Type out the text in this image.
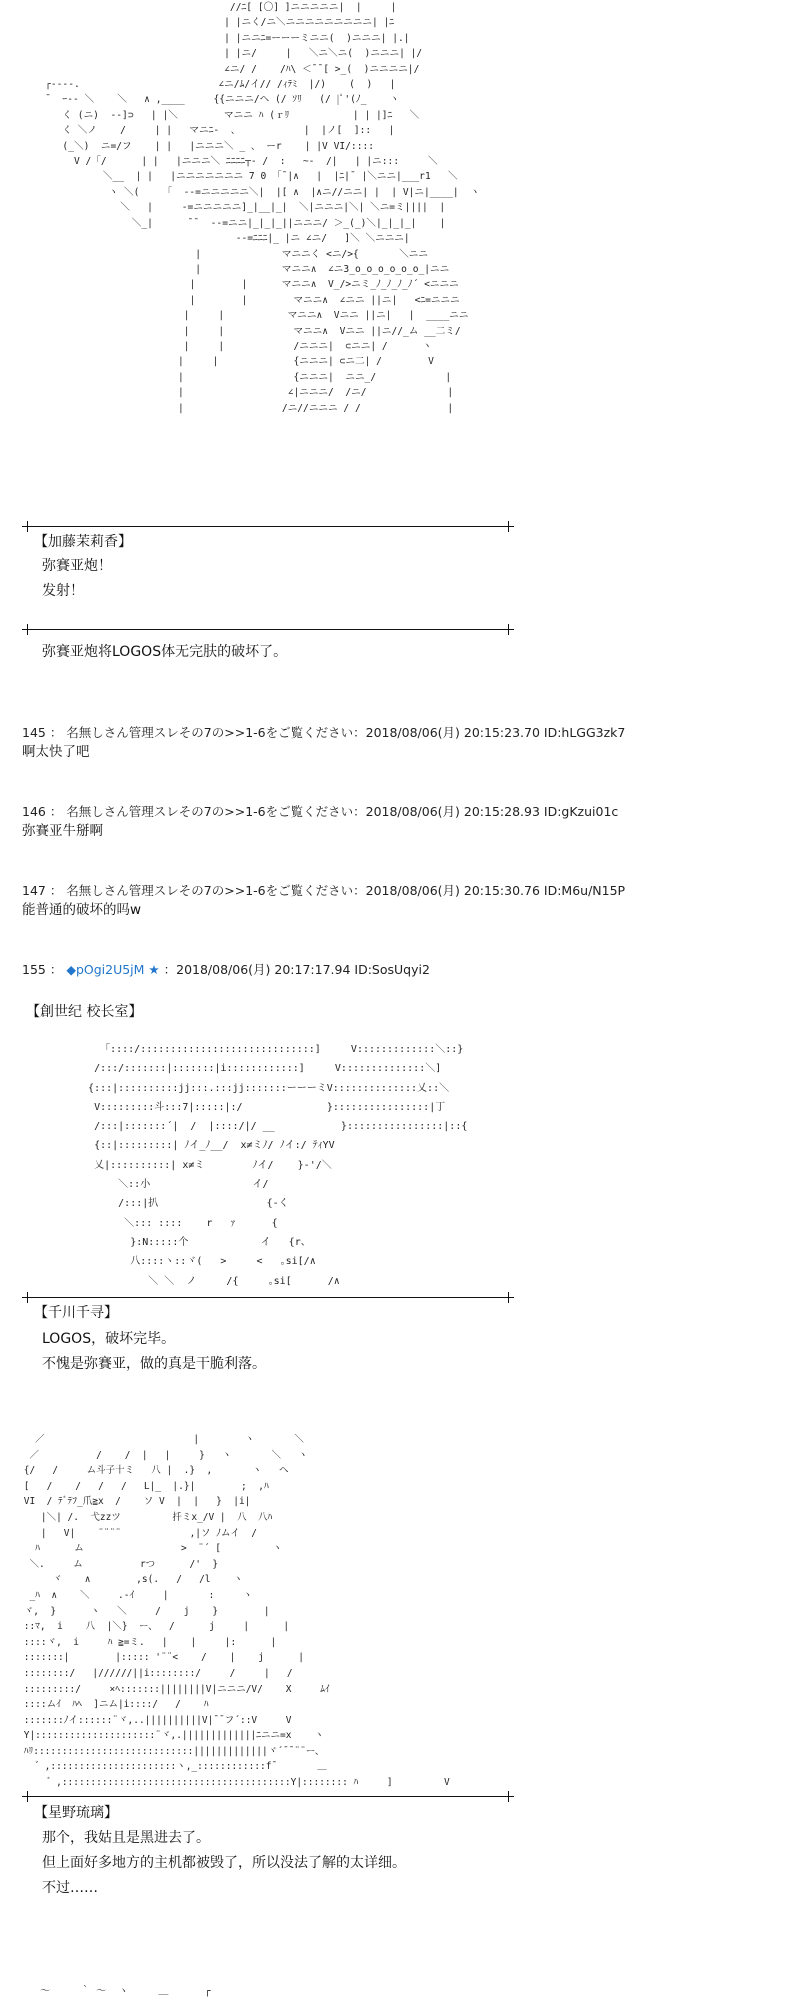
//ﾆ[ [〇] ]ニニニニニ|  |     |
| |ニく/ニ＼ニニニニニニニニニ| |ﾆ
| |ニニﾆ=ーーーミニニ(  )ニニニ| |.|
| |ニ/     |   ＼ニ＼ニ(  )ニニニ| |/
∠ニ/ /    /ﾊ\ ＜¯¯[ >_(  )ニニニニ|/
┌‐---.                        ∠ニ/ﾑ/イ// /ｨﾃﾐ  |/)    (  )   |
¯  ｰ-- ＼    ＼   ∧ ,____     {{ニニニ/ヘ (/ ｿﾘ   (/ |ﾟ'(ﾉ_    ヽ
く (ニ)  -‐]⊃   | |＼        マニニ ﾊ (ｒﾘ           | | |]ﾆ   ＼
く ＼ノ    /     | |   マニﾆ-  、           |  |ノ[  ]::   |
(_＼)  ニ=/フ    | |   |ニニニ＼ _ 、 ーr    | |V VI/::::
V /「/      | |   |ニニニ＼ ﾆﾆﾆﾆ┬‐ /  :   ~-  /|   | |ニ:::     ＼
＼__  | |   |ニニニニニニニ 7 0 「¯|∧   |  |ﾆ|¯ |＼ニニ|___r1   ＼
ヽ ＼(    「  --=ニニニニニ＼|  |[ ∧  |∧ニ//ニニ| |  | V|ニ|____|  ヽ
＼   |     -=ニニニニニ]_|__|_|  ＼|ニニニ|＼| ＼ニ=ミ||||  |
＼_|      ¯¯  --=ニニ|_|_|_||ニニニ/ ＞_(_)＼|_|_|_|    |
--=ﾆﾆﾆ|_ |ニ ∠ニ/   ]＼ ＼ニニニ|
|              マニニく <ニ/>{       ＼ニニ
|              マニニ∧  ∠ニ3_o_o_o_o_o_o_|ニニ
|        |      マニニ∧  V_/>ニミ_ﾉ_ﾉ_ﾉ_ﾉ´ <ニニニ
|        |        マニニ∧  ∠ニニ ||ニ|   <ﾆ=ニニニ
|     |           マニニ∧  Vニニ ||ニ|   |  ____ニニ
|     |            マニニ∧  Vニニ ||ニ//_ム __二ミ/
|     |            /ニニニ|  ⊂ニニ| /      ヽ
|     |             {ニニニ| ⊂ニ二| /        V
|                   {ニニニ|  ニニ_/            |
|                  ∠|ニニニ/  /ニ/              |
|                 /ニ//ニニニ / /               |
【加藤茉莉香】
弥賽亚炮！
发射！
弥賽亚炮将LOGOS体无完肤的破坏了。
145 ： 名無しさん管理スレその7の>>1-6をご覧ください：2018/08/06(月) 20:15:23.70 ID:hLGG3zk7
啊太快了吧
146 ： 名無しさん管理スレその7の>>1-6をご覧ください：2018/08/06(月) 20:15:28.93 ID:gKzui01c
弥賽亚牛掰啊
147 ： 名無しさん管理スレその7の>>1-6をご覧ください：2018/08/06(月) 20:15:30.76 ID:M6u/N15P
能普通的破坏的吗w
155 ： ◆pOgi2U5jM ★ ：2018/08/06(月) 20:17:17.94 ID:SosUqyi2
【創世纪 校长室】
「::::/:::::::::::::::::::::::::::::]     V:::::::::::::＼::}
/:::/:::::::|:::::::|i::::::::::::]     V::::::::::::::＼]
{:::|::::::::::jj:::.:::jj:::::::ーーーミV::::::::::::::乂::＼
V:::::::::斗:::7|:::::|:/              }::::::::::::::::|丁
/:::|:::::::´|  /  |::::/|/ __           }::::::::::::::::|::{
{::|:::::::::| ﾉイ_ﾉ__/  x≠ミﾉ/ ﾉイ:/ ﾃｨYV
乂|::::::::::| x≠ミ        ﾉイ/    }-'/＼
＼::小                 イ/
/:::|扒                  {-く
＼::: ::::    r   ｧ      {
}:N:::::个            イ   {r、
八::::ヽ::ヾ(   >     <   ｡si[/∧
＼ ＼  ノ     /{     ｡si[      /∧
【千川千寻】
LOGOS，破坏完毕。
不愧是弥賽亚，做的真是干脆利落。
／                          |        ヽ       ＼
／          /    /  |   |     }   ヽ       ＼   ヽ
{/   /     ム斗子十ミ   八 |  .}  ,       ヽ   ヘ
[   /    /   /   /   L|_  |.}|        ;  ,ﾊ
VI  / ﾃﾞﾃﾌ_爪≧x  /    ソ V  |  |   }  |i|
|＼| /.  弋zzツ         扦ミx_/V |  八  八ﾊ
|   V|    ¨¨¨¨            ,|ソ ﾉムイ  /
ﾊ      ム                 >  ¨´ [         ヽ
＼.     ム          rつ      /'  }
ヾ    ∧        ,s(.   /   /l    ヽ
_ﾊ  ∧    ＼     .-ｲ     |       :     ヽ
ヾ,  }      ヽ   ＼     /    j    }        |
::ﾏ,  i    八  |＼}  ー、  /      j     |      |
::::ヾ,  i     ﾊ ≧=ミ.   |    |     |:      |
:::::::|        |::::: '¨¨<    /    |    j      |
::::::::/   |//////||i::::::::/     /     |   /
:::::::::/     ×ﾍ:::::::||||||||V|ニニニ/V/    X     ﾑｲ
::::ムｲ  ﾊﾍ  ]ニム|i::::/   /    ﾊ
:::::::ﾉイ::::::¨ヾ,..||||||||||V|¯¯フ´::V     V
Y|:::::::::::::::::::::¨ヾ,.|||||||||||||ﾆニニ=x    ヽ
ﾊﾘ::::::::::::::::::::::::::::|||||||||||||ヾ´¯¯¨¨ー、
゛,::::::::::::::::::::::ヽ,_::::::::::::f¯       ＿
゛,::::::::::::::::::::::::::::::::::::::::Y|:::::::: ﾊ     ]         V
【星野琉璃】
那个，我姑且是黑进去了。
但上面好多地方的主机都被毁了，所以没法了解的太详细。
不过……
～     ｀ ～  ヽ     ＿      ┌
